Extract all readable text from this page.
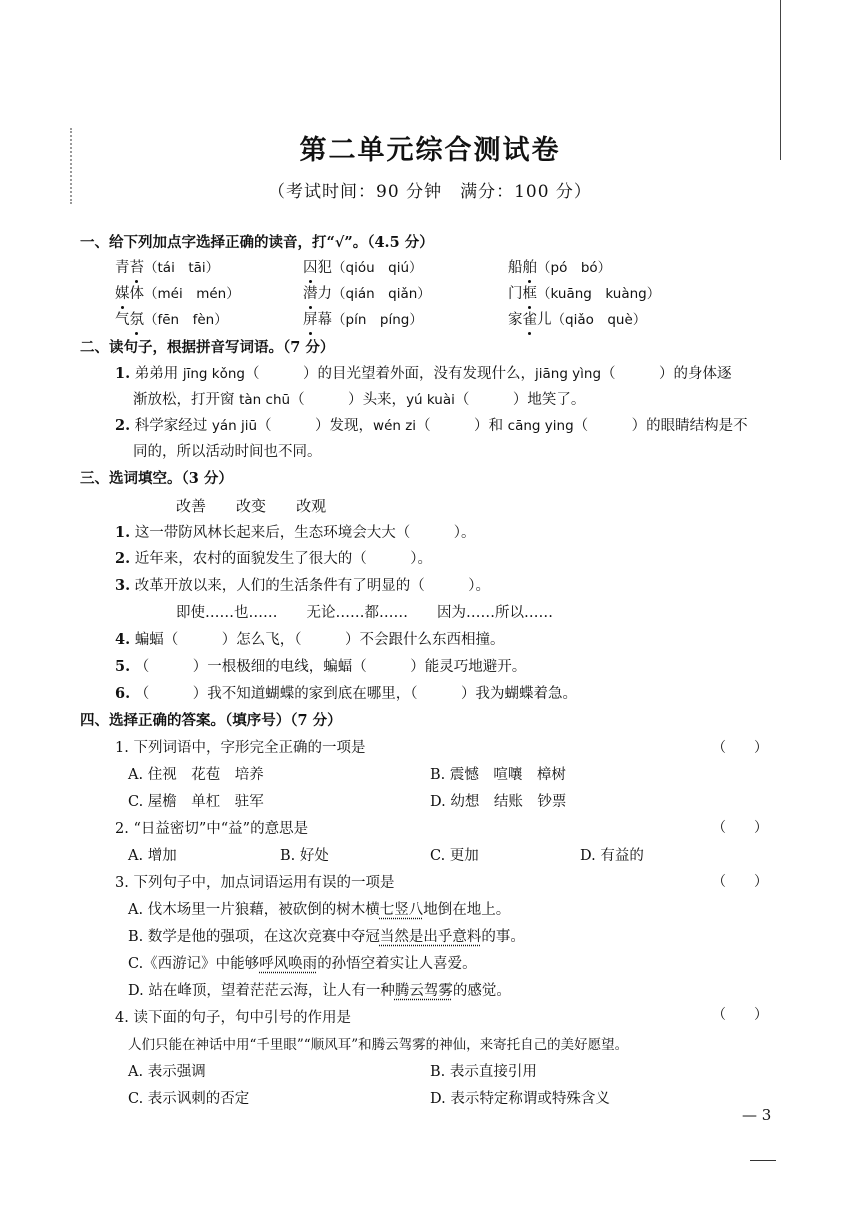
第二单元综合测试卷
（考试时间：90 分钟　满分：100 分）
一、给下列加点字选择正确的读音，打“√”。（4.5 分）
青苔（tái　tāi）	囚犯（qióu　qiú）	船舶（pó　bó）
媒体（méi　mén）	潜力（qián　qiǎn）	门框（kuāng　kuàng）
气氛（fēn　fèn）	屏幕（pín　píng）	家雀儿（qiǎo　què）
二、读句子，根据拼音写词语。（7 分）
1. 弟弟用 jīng kǒng（　　　）的目光望着外面，没有发现什么，jiāng yìng（　　　）的身体逐
渐放松，打开窗 tàn chū（　　　）头来，yú kuài（　　　）地笑了。
2. 科学家经过 yán jiū（　　　）发现，wén zi（　　　）和 cāng ying（　　　）的眼睛结构是不
同的，所以活动时间也不同。
三、选词填空。（3 分）
改善　　 改变　　 改观
1. 这一带防风林长起来后，生态环境会大大（　　　）。
2. 近年来，农村的面貌发生了很大的（　　　）。
3. 改革开放以来，人们的生活条件有了明显的（　　　）。
即使……也……　　 无论……都……　　 因为……所以……
4. 蝙蝠（　　　）怎么飞，（　　　）不会跟什么东西相撞。
5. （　　　）一根极细的电线，蝙蝠（　　　）能灵巧地避开。
6. （　　　）我不知道蝴蝶的家到底在哪里，（　　　）我为蝴蝶着急。
四、选择正确的答案。（填序号）（7 分）
1. 下列词语中，字形完全正确的一项是	（　　）
A. 住视　花苞　培养	B. 震憾　喧嚷　樟树
C. 屋檐　单杠　驻军	D. 幼想　结账　钞票
2. “日益密切”中“益”的意思是	（　　）
A. 增加	B. 好处	C. 更加	D. 有益的
3. 下列句子中，加点词语运用有误的一项是	（　　）
A. 伐木场里一片狼藉，被砍倒的树木横七竖八地倒在地上。
B. 数学是他的强项，在这次竞赛中夺冠当然是出乎意料的事。
C.《西游记》中能够呼风唤雨的孙悟空着实让人喜爱。
D. 站在峰顶，望着茫茫云海，让人有一种腾云驾雾的感觉。
4. 读下面的句子，句中引号的作用是	（　　）
人们只能在神话中用“千里眼”“顺风耳”和腾云驾雾的神仙，来寄托自己的美好愿望。
A. 表示强调	B. 表示直接引用
C. 表示讽刺的否定	D. 表示特定称谓或特殊含义
— 3
